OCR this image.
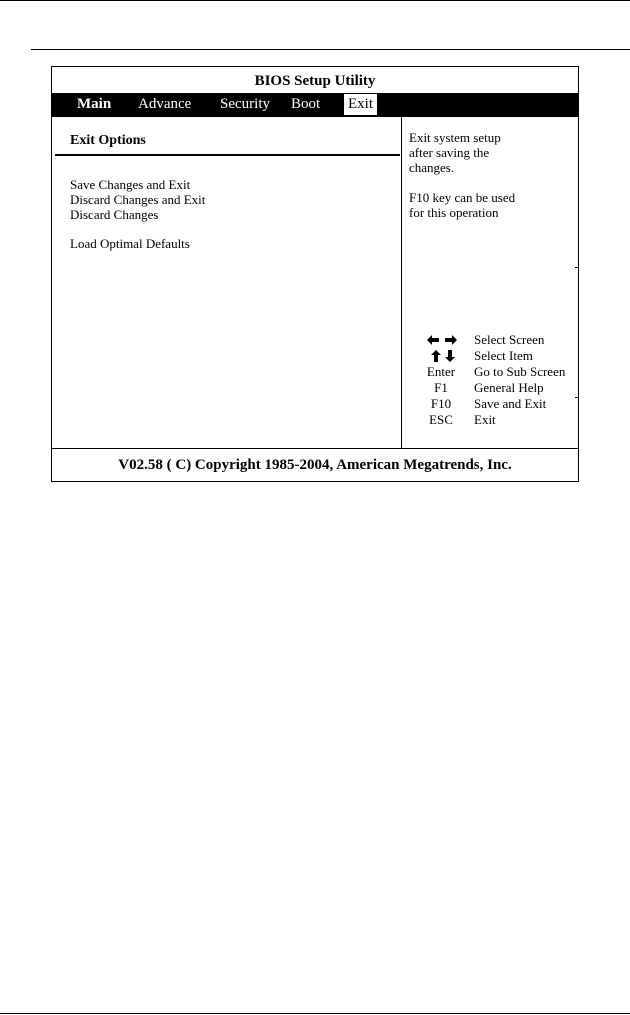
BIOS Setup Utility
Main Advance Security Boot Exit
Exit Options
Save Changes and Exit
Discard Changes and Exit
Discard Changes
Load Optimal Defaults
Exit system setup
after saving the
changes.
F10 key can be used
for this operation
Select Screen
Select Item
Enter	Go to Sub Screen
F1	General Help
F10	Save and Exit
ESC	Exit
V02.58 ( C) Copyright 1985-2004, American Megatrends, Inc.
